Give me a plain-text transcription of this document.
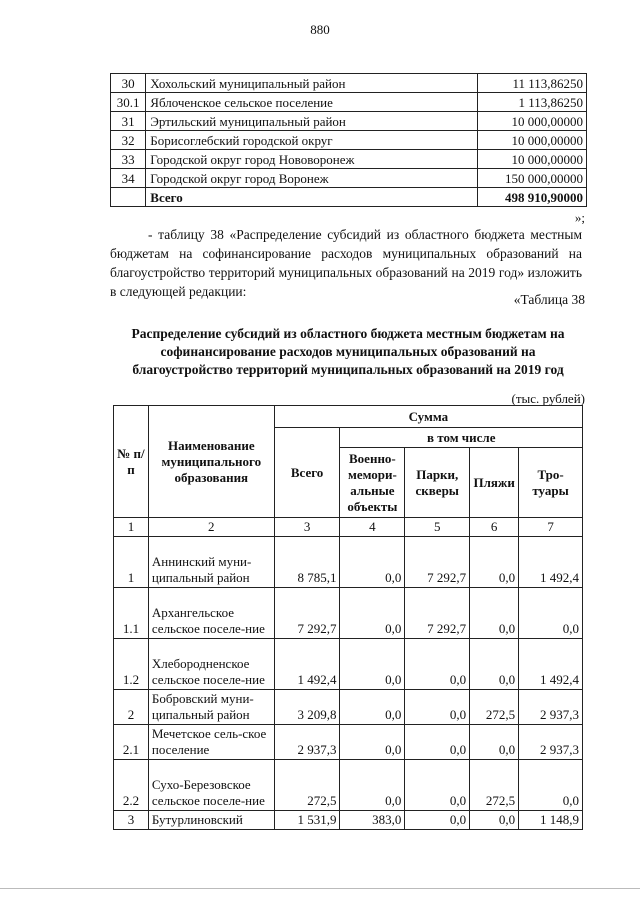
880
30	Хохольский муниципальный район	11 113,86250
30.1	Яблоченское сельское поселение	1 113,86250
31	Эртильский муниципальный район	10 000,00000
32	Борисоглебский городской округ	10 000,00000
33	Городской округ город Нововоронеж	10 000,00000
34	Городской округ город Воронеж	150 000,00000
	Всего	498 910,90000
»;
- таблицу 38 «Распределение субсидий из областного бюджета местным бюджетам на софинансирование расходов муниципальных образований на благоустройство территорий муниципальных образований на 2019 год» изложить в следующей редакции:
«Таблица 38
Распределение субсидий из областного бюджета местным бюджетам на софинансирование расходов муниципальных образований на благоустройство территорий муниципальных образований на 2019 год
(тыс. рублей)
№ п/п	Наименование муниципального образования	Сумма				
		Всего	в том числе			
			Военно-мемори-альные объекты	Парки, скверы	Пляжи	Тро-туары
1	2	3	4	5	6	7
1	Аннинский муни-ципальный район	8 785,1	0,0	7 292,7	0,0	1 492,4
1.1	Архангельское сельское поселе-ние	7 292,7	0,0	7 292,7	0,0	0,0
1.2	Хлебородненское сельское поселе-ние	1 492,4	0,0	0,0	0,0	1 492,4
2	Бобровский муни-ципальный район	3 209,8	0,0	0,0	272,5	2 937,3
2.1	Мечетское сель-ское поселение	2 937,3	0,0	0,0	0,0	2 937,3
2.2	Сухо-Березовское сельское поселе-ние	272,5	0,0	0,0	272,5	0,0
3	Бутурлиновский	1 531,9	383,0	0,0	0,0	1 148,9
